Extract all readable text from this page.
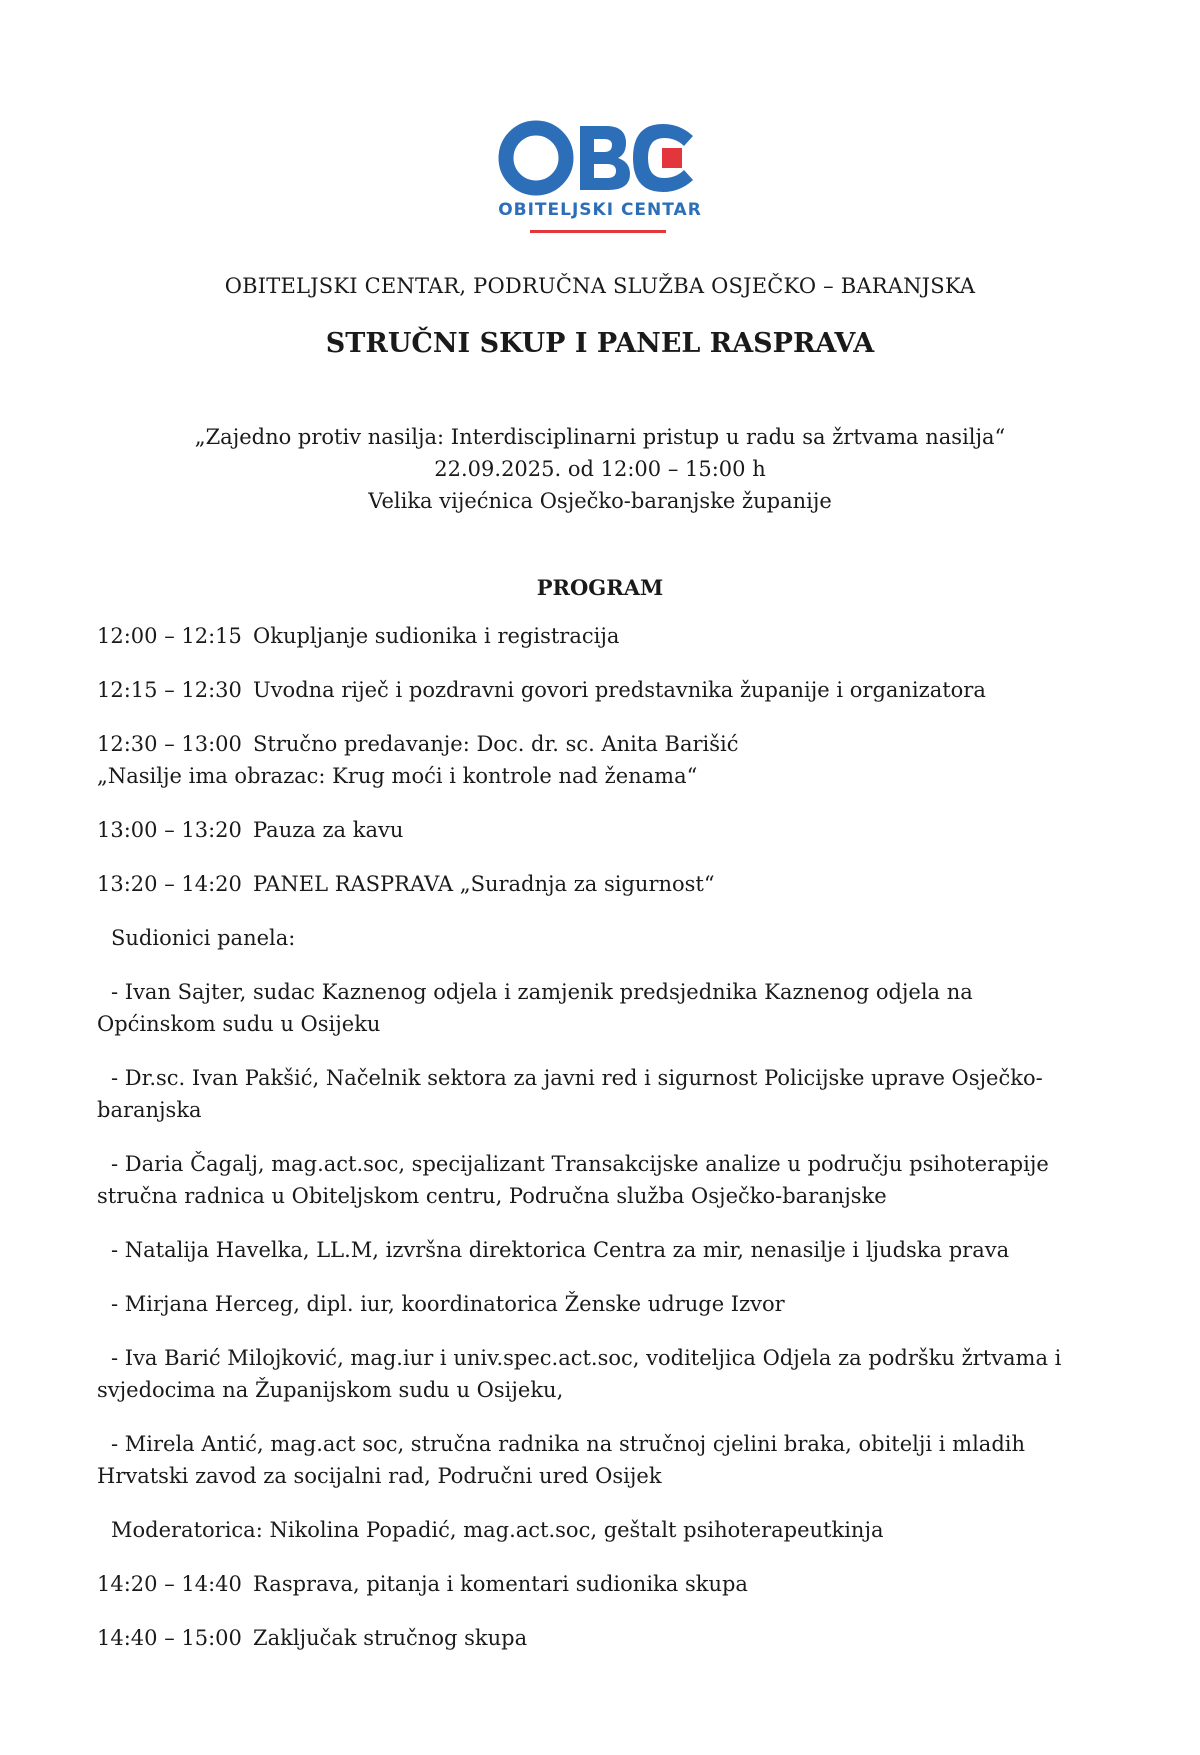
OBITELJSKI CENTAR
OBITELJSKI CENTAR, PODRUČNA SLUŽBA OSJEČKO – BARANJSKA
STRUČNI SKUP I PANEL RASPRAVA
„Zajedno protiv nasilja: Interdisciplinarni pristup u radu sa žrtvama nasilja“
22.09.2025. od 12:00 – 15:00 h
Velika vijećnica Osječko-baranjske županije
PROGRAM
12:00 – 12:15 Okupljanje sudionika i registracija
12:15 – 12:30 Uvodna riječ i pozdravni govori predstavnika županije i organizatora
12:30 – 13:00 Stručno predavanje: Doc. dr. sc. Anita Barišić
„Nasilje ima obrazac: Krug moći i kontrole nad ženama“
13:00 – 13:20 Pauza za kavu
13:20 – 14:20 PANEL RASPRAVA „Suradnja za sigurnost“
Sudionici panela:
- Ivan Sajter, sudac Kaznenog odjela i zamjenik predsjednika Kaznenog odjela na Općinskom sudu u Osijeku
- Dr.sc. Ivan Pakšić, Načelnik sektora za javni red i sigurnost Policijske uprave Osječko-baranjska
- Daria Čagalj, mag.act.soc, specijalizant Transakcijske analize u području psihoterapije stručna radnica u Obiteljskom centru, Područna služba Osječko-baranjske
- Natalija Havelka, LL.M, izvršna direktorica Centra za mir, nenasilje i ljudska prava
- Mirjana Herceg, dipl. iur, koordinatorica Ženske udruge Izvor
- Iva Barić Milojković, mag.iur i univ.spec.act.soc, voditeljica Odjela za podršku žrtvama i svjedocima na Županijskom sudu u Osijeku,
- Mirela Antić, mag.act soc, stručna radnika na stručnoj cjelini braka, obitelji i mladih Hrvatski zavod za socijalni rad, Područni ured Osijek
Moderatorica: Nikolina Popadić, mag.act.soc, geštalt psihoterapeutkinja
14:20 – 14:40 Rasprava, pitanja i komentari sudionika skupa
14:40 – 15:00 Zaključak stručnog skupa
